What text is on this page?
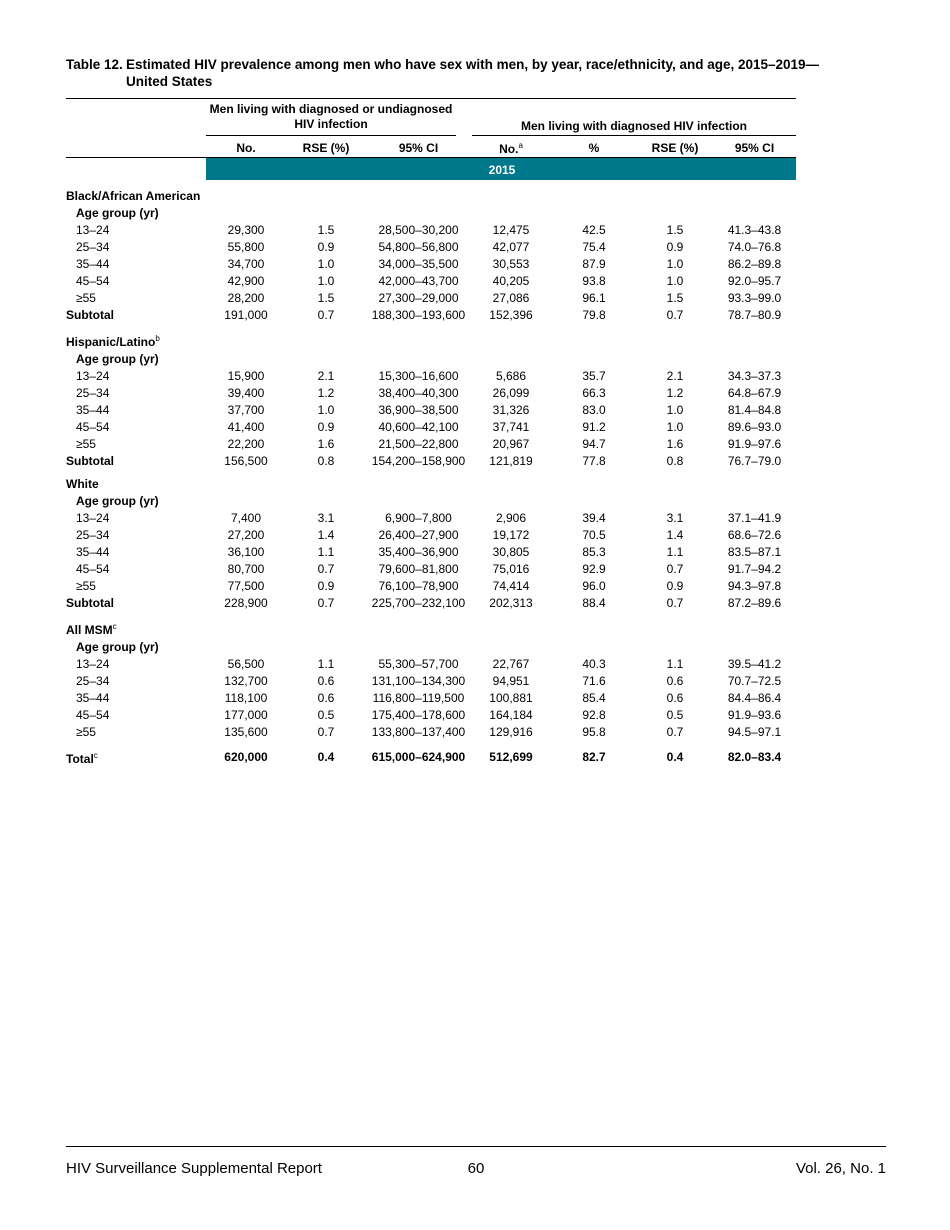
Table 12. Estimated HIV prevalence among men who have sex with men, by year, race/ethnicity, and age, 2015–2019—
United States
Men living with diagnosed or undiagnosed HIV infection	Men living with diagnosed HIV infection
No.	RSE (%)	95% CI	No.$^a$	%	RSE (%)	95% CI
2015
Black/African American							
Age group (yr)							
13–24	29,300	1.5	28,500–30,200	12,475	42.5	1.5	41.3–43.8
25–34	55,800	0.9	54,800–56,800	42,077	75.4	0.9	74.0–76.8
35–44	34,700	1.0	34,000–35,500	30,553	87.9	1.0	86.2–89.8
45–54	42,900	1.0	42,000–43,700	40,205	93.8	1.0	92.0–95.7
≥55	28,200	1.5	27,300–29,000	27,086	96.1	1.5	93.3–99.0
Subtotal	191,000	0.7	188,300–193,600	152,396	79.8	0.7	78.7–80.9
Hispanic/Latino$^b$
Age group (yr)							
13–24	15,900	2.1	15,300–16,600	5,686	35.7	2.1	34.3–37.3
25–34	39,400	1.2	38,400–40,300	26,099	66.3	1.2	64.8–67.9
35–44	37,700	1.0	36,900–38,500	31,326	83.0	1.0	81.4–84.8
45–54	41,400	0.9	40,600–42,100	37,741	91.2	1.0	89.6–93.0
≥55	22,200	1.6	21,500–22,800	20,967	94.7	1.6	91.9–97.6
Subtotal	156,500	0.8	154,200–158,900	121,819	77.8	0.8	76.7–79.0
White							
Age group (yr)							
13–24	7,400	3.1	6,900–7,800	2,906	39.4	3.1	37.1–41.9
25–34	27,200	1.4	26,400–27,900	19,172	70.5	1.4	68.6–72.6
35–44	36,100	1.1	35,400–36,900	30,805	85.3	1.1	83.5–87.1
45–54	80,700	0.7	79,600–81,800	75,016	92.9	0.7	91.7–94.2
≥55	77,500	0.9	76,100–78,900	74,414	96.0	0.9	94.3–97.8
Subtotal	228,900	0.7	225,700–232,100	202,313	88.4	0.7	87.2–89.6
All MSM$^c$
Age group (yr)							
13–24	56,500	1.1	55,300–57,700	22,767	40.3	1.1	39.5–41.2
25–34	132,700	0.6	131,100–134,300	94,951	71.6	0.6	70.7–72.5
35–44	118,100	0.6	116,800–119,500	100,881	85.4	0.6	84.4–86.4
45–54	177,000	0.5	175,400–178,600	164,184	92.8	0.5	91.9–93.6
≥55	135,600	0.7	133,800–137,400	129,916	95.8	0.7	94.5–97.1
Total$^c$	620,000	0.4	615,000–624,900	512,699	82.7	0.4	82.0–83.4
HIV Surveillance Supplemental Report	60	Vol. 26, No. 1
